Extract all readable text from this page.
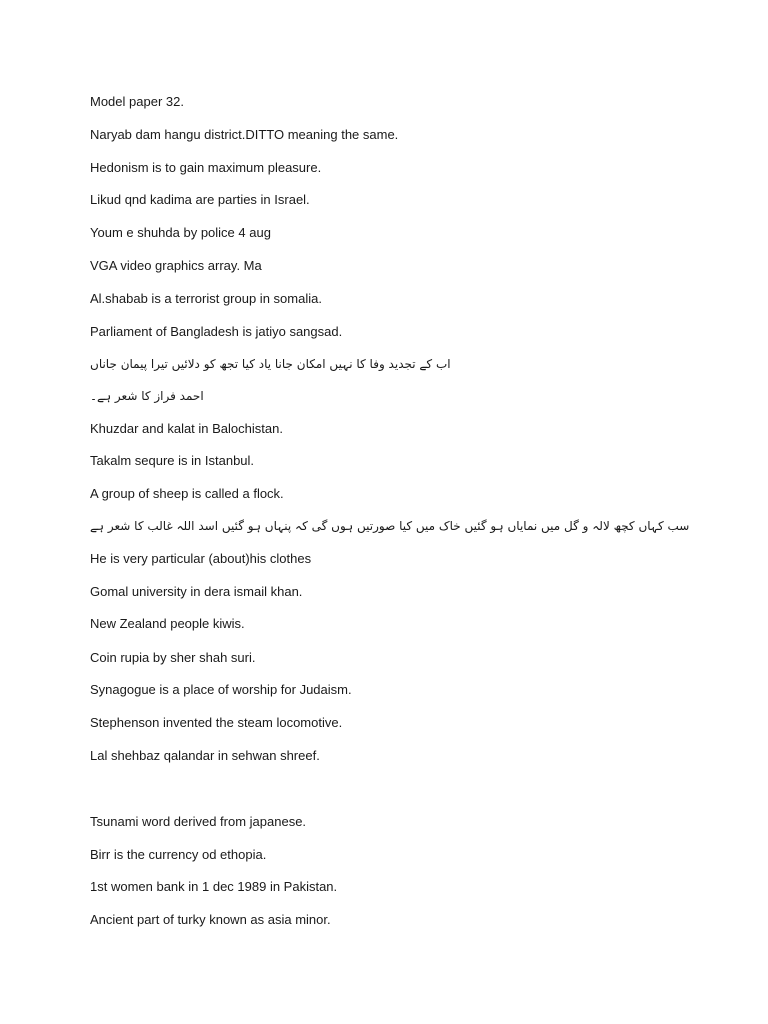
Model paper 32.
Naryab dam hangu district.DITTO meaning the same.
Hedonism is to gain maximum pleasure.
Likud qnd kadima are parties in Israel.
Youm e shuhda by police 4 aug
VGA video graphics array. Ma
Al.shabab is a terrorist group in somalia.
Parliament of Bangladesh is jatiyo sangsad.
اب کے تجدید وفا کا نہیں امکان جانا یاد کیا تجھ کو دلائیں تیرا پیمان جاناں
احمد فراز کا شعر ہے۔
Khuzdar and kalat in Balochistan.
Takalm sequre is in Istanbul.
A group of sheep is called a flock.
سب کہاں کچھ لالہ و گل میں نمایاں ہو گئیں خاک میں کیا صورتیں ہوں گی کہ پنہاں ہو گئیں اسد اللہ غالب کا شعر ہے
He is very particular (about)his clothes
Gomal university in dera ismail khan.
New Zealand people kiwis.
Coin rupia by sher shah suri.
Synagogue is a place of worship for Judaism.
Stephenson invented the steam locomotive.
Lal shehbaz qalandar in sehwan shreef.
Tsunami word derived from japanese.
Birr is the currency od ethopia.
1st women bank in 1 dec 1989 in Pakistan.
Ancient part of turky known as asia minor.
